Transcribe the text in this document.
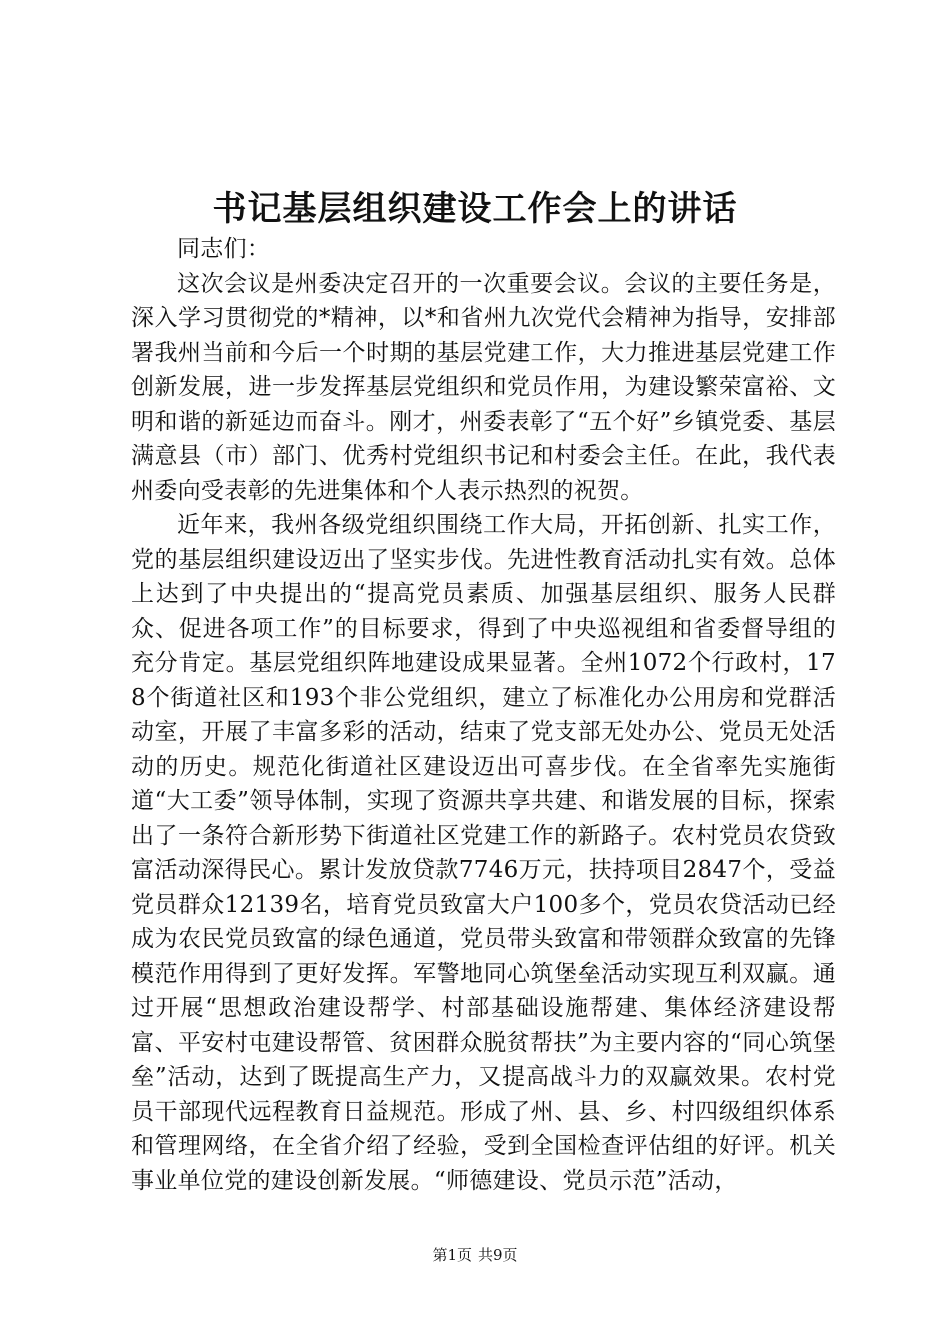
书记基层组织建设工作会上的讲话

同志们：

这次会议是州委决定召开的一次重要会议。会议的主要任务是，深入学习贯彻党的*精神，以*和省州九次党代会精神为指导，安排部署我州当前和今后一个时期的基层党建工作，大力推进基层党建工作创新发展，进一步发挥基层党组织和党员作用，为建设繁荣富裕、文明和谐的新延边而奋斗。刚才，州委表彰了“五个好”乡镇党委、基层满意县（市）部门、优秀村党组织书记和村委会主任。在此，我代表州委向受表彰的先进集体和个人表示热烈的祝贺。

近年来，我州各级党组织围绕工作大局，开拓创新、扎实工作，党的基层组织建设迈出了坚实步伐。先进性教育活动扎实有效。总体上达到了中央提出的“提高党员素质、加强基层组织、服务人民群众、促进各项工作”的目标要求，得到了中央巡视组和省委督导组的充分肯定。基层党组织阵地建设成果显著。全州1072个行政村，178个街道社区和193个非公党组织，建立了标准化办公用房和党群活动室，开展了丰富多彩的活动，结束了党支部无处办公、党员无处活动的历史。规范化街道社区建设迈出可喜步伐。在全省率先实施街道“大工委”领导体制，实现了资源共享共建、和谐发展的目标，探索出了一条符合新形势下街道社区党建工作的新路子。农村党员农贷致富活动深得民心。累计发放贷款7746万元，扶持项目2847个，受益党员群众12139名，培育党员致富大户100多个，党员农贷活动已经成为农民党员致富的绿色通道，党员带头致富和带领群众致富的先锋模范作用得到了更好发挥。军警地同心筑堡垒活动实现互利双赢。通过开展“思想政治建设帮学、村部基础设施帮建、集体经济建设帮富、平安村屯建设帮管、贫困群众脱贫帮扶”为主要内容的“同心筑堡垒”活动，达到了既提高生产力，又提高战斗力的双赢效果。农村党员干部现代远程教育日益规范。形成了州、县、乡、村四级组织体系和管理网络，在全省介绍了经验，受到全国检查评估组的好评。机关事业单位党的建设创新发展。“师德建设、党员示范”活动，

第1页 共9页
